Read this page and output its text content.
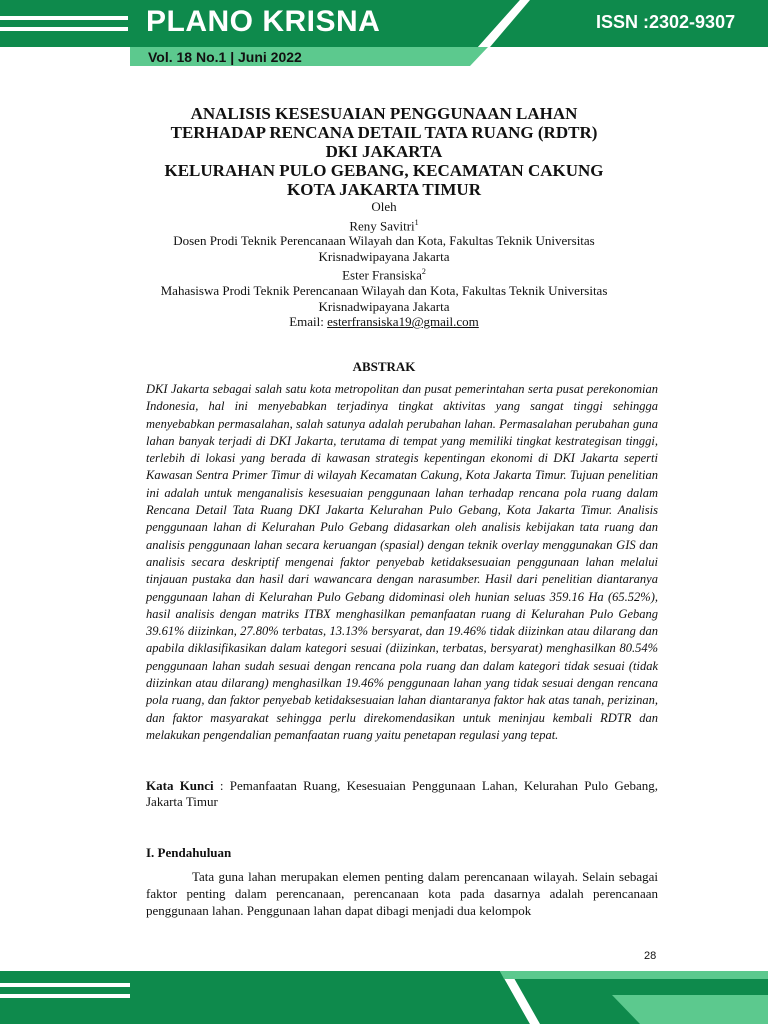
PLANO KRISNA	ISSN :2302-9307
Vol. 18 No.1 | Juni 2022
ANALISIS KESESUAIAN PENGGUNAAN LAHAN
TERHADAP RENCANA DETAIL TATA RUANG (RDTR)
DKI JAKARTA
KELURAHAN PULO GEBANG, KECAMATAN CAKUNG
KOTA JAKARTA TIMUR
Oleh
Reny Savitri$^1$
Dosen Prodi Teknik Perencanaan Wilayah dan Kota, Fakultas Teknik Universitas
Krisnadwipayana Jakarta
Ester Fransiska$^2$
Mahasiswa Prodi Teknik Perencanaan Wilayah dan Kota, Fakultas Teknik Universitas
Krisnadwipayana Jakarta
Email: esterfransiska19@gmail.com
ABSTRAK

DKI Jakarta sebagai salah satu kota metropolitan dan pusat pemerintahan serta pusat perekonomian Indonesia, hal ini menyebabkan terjadinya tingkat aktivitas yang sangat tinggi sehingga menyebabkan permasalahan, salah satunya adalah perubahan lahan. Permasalahan perubahan guna lahan banyak terjadi di DKI Jakarta, terutama di tempat yang memiliki tingkat kestrategisan tinggi, terlebih di lokasi yang berada di kawasan strategis kepentingan ekonomi di DKI Jakarta seperti Kawasan Sentra Primer Timur di wilayah Kecamatan Cakung, Kota Jakarta Timur. Tujuan penelitian ini adalah untuk menganalisis kesesuaian penggunaan lahan terhadap rencana pola ruang dalam Rencana Detail Tata Ruang DKI Jakarta Kelurahan Pulo Gebang, Kota Jakarta Timur. Analisis penggunaan lahan di Kelurahan Pulo Gebang didasarkan oleh analisis kebijakan tata ruang dan analisis penggunaan lahan secara keruangan (spasial) dengan teknik overlay menggunakan GIS dan analisis secara deskriptif mengenai faktor penyebab ketidaksesuaian penggunaan lahan melalui tinjauan pustaka dan hasil dari wawancara dengan narasumber. Hasil dari penelitian diantaranya penggunaan lahan di Kelurahan Pulo Gebang didominasi oleh hunian seluas 359.16 Ha (65.52%), hasil analisis dengan matriks ITBX menghasilkan pemanfaatan ruang di Kelurahan Pulo Gebang 39.61% diizinkan, 27.80% terbatas, 13.13% bersyarat, dan 19.46% tidak diizinkan atau dilarang dan apabila diklasifikasikan dalam kategori sesuai (diizinkan, terbatas, bersyarat) menghasilkan 80.54% penggunaan lahan sudah sesuai dengan rencana pola ruang dan dalam kategori tidak sesuai (tidak diizinkan atau dilarang) menghasilkan 19.46% penggunaan lahan yang tidak sesuai dengan rencana pola ruang, dan faktor penyebab ketidaksesuaian lahan diantaranya faktor hak atas tanah, perizinan, dan faktor masyarakat sehingga perlu direkomendasikan untuk meninjau kembali RDTR dan melakukan pengendalian pemanfaatan ruang yaitu penetapan regulasi yang tepat.

Kata Kunci : Pemanfaatan Ruang, Kesesuaian Penggunaan Lahan, Kelurahan Pulo Gebang, Jakarta Timur

I. Pendahuluan

Tata guna lahan merupakan elemen penting dalam perencanaan wilayah. Selain sebagai faktor penting dalam perencanaan, perencanaan kota pada dasarnya adalah perencanaan penggunaan lahan. Penggunaan lahan dapat dibagi menjadi dua kelompok

28
